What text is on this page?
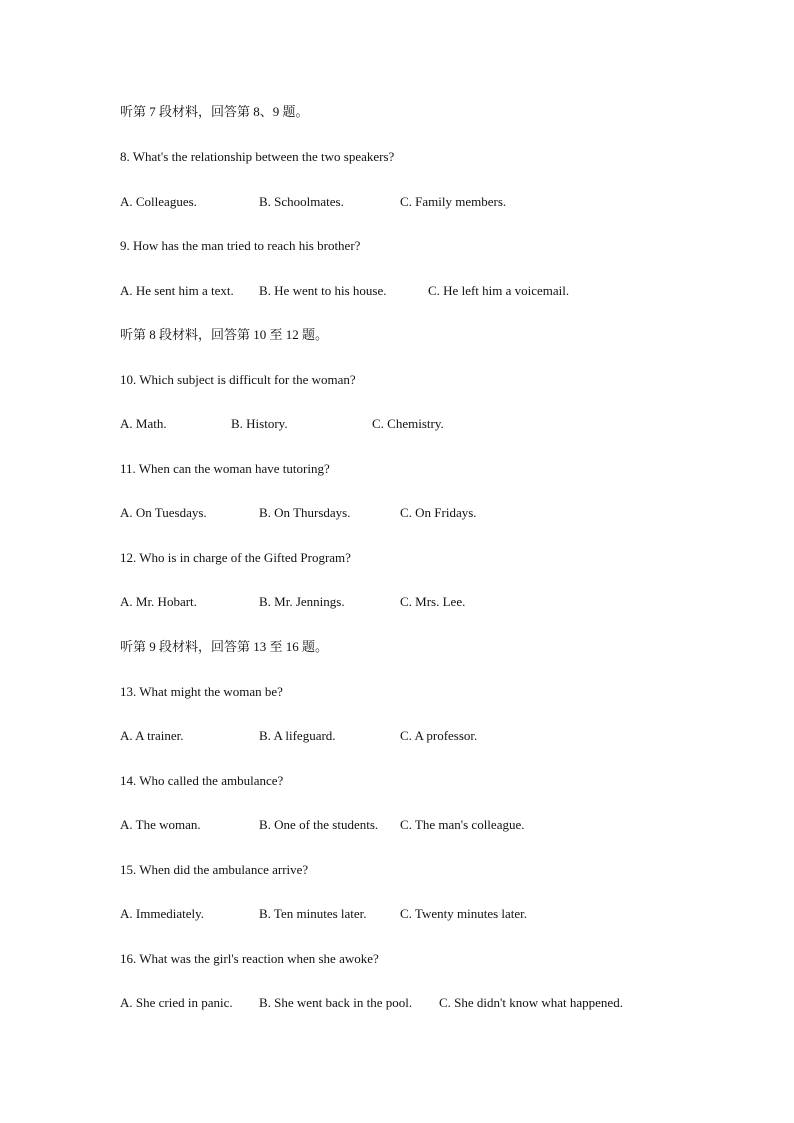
听第 7 段材料，回答第 8、9 题。
8. What's the relationship between the two speakers?
A. Colleagues.	B. Schoolmates.	C. Family members.
9. How has the man tried to reach his brother?
A. He sent him a text. B. He went to his house.	C. He left him a voicemail.
听第 8 段材料，回答第 10 至 12 题。
10. Which subject is difficult for the woman?
A. Math.	B. History.	C. Chemistry.
11. When can the woman have tutoring?
A. On Tuesdays.	B. On Thursdays.	C. On Fridays.
12. Who is in charge of the Gifted Program?
A. Mr. Hobart.	B. Mr. Jennings.	C. Mrs. Lee.
听第 9 段材料，回答第 13 至 16 题。
13. What might the woman be?
A. A trainer.	B. A lifeguard.	C. A professor.
14. Who called the ambulance?
A. The woman.	B. One of the students. C. The man's colleague.
15. When did the ambulance arrive?
A. Immediately.	B. Ten minutes later.	C. Twenty minutes later.
16. What was the girl's reaction when she awoke?
A. She cried in panic. B. She went back in the pool. C. She didn't know what happened.
